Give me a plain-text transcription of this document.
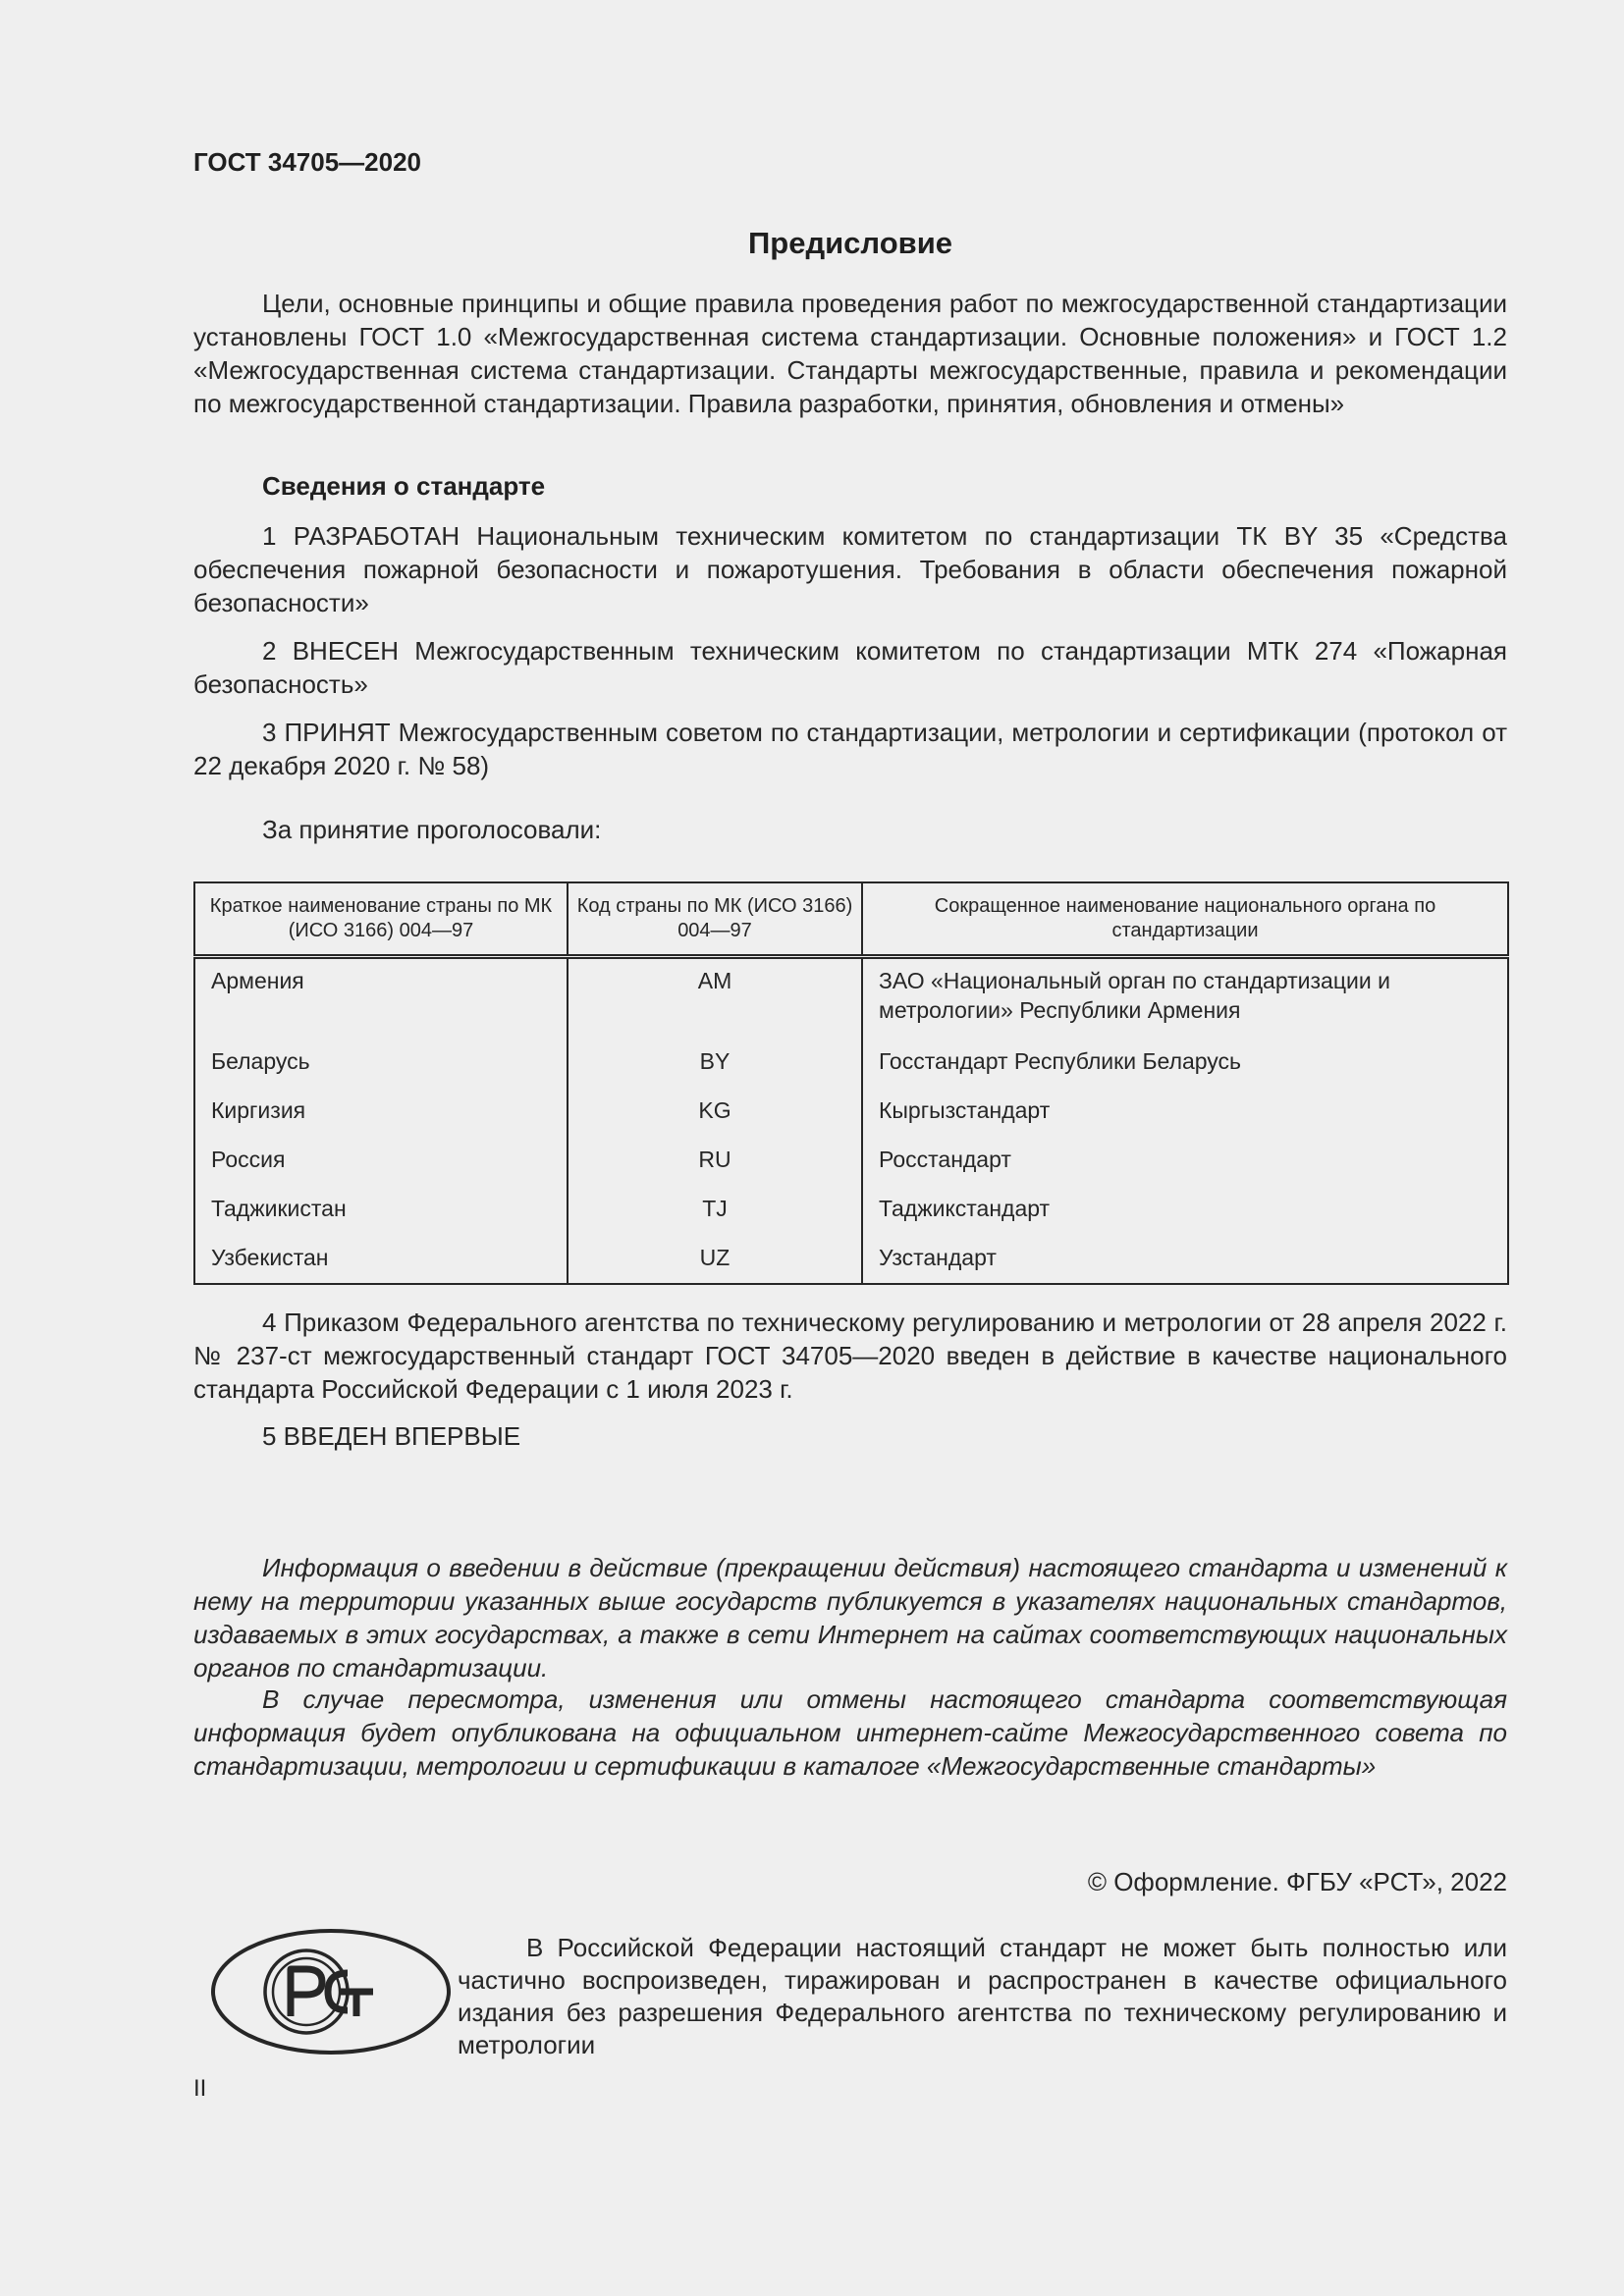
ГОСТ 34705—2020
Предисловие

Цели, основные принципы и общие правила проведения работ по межгосударственной стандартизации установлены ГОСТ 1.0 «Межгосударственная система стандартизации. Основные положения» и ГОСТ 1.2 «Межгосударственная система стандартизации. Стандарты межгосударственные, правила и рекомендации по межгосударственной стандартизации. Правила разработки, принятия, обновления и отмены»

Сведения о стандарте

1 РАЗРАБОТАН Национальным техническим комитетом по стандартизации ТК BY 35 «Средства обеспечения пожарной безопасности и пожаротушения. Требования в области обеспечения пожарной безопасности»

2 ВНЕСЕН Межгосударственным техническим комитетом по стандартизации МТК 274 «Пожарная безопасность»

3 ПРИНЯТ Межгосударственным советом по стандартизации, метрологии и сертификации (протокол от 22 декабря 2020 г. № 58)

За принятие проголосовали:
Краткое наименование страны по МК (ИСО 3166) 004—97	Код страны по МК (ИСО 3166) 004—97	Сокращенное наименование национального органа по стандартизации
Армения	AM	ЗАО «Национальный орган по стандартизации и метрологии» Республики Армения
Беларусь	BY	Госстандарт Республики Беларусь
Киргизия	KG	Кыргызстандарт
Россия	RU	Росстандарт
Таджикистан	TJ	Таджикстандарт
Узбекистан	UZ	Узстандарт

4 Приказом Федерального агентства по техническому регулированию и метрологии от 28 апреля 2022 г. № 237-ст межгосударственный стандарт ГОСТ 34705—2020 введен в действие в качестве национального стандарта Российской Федерации с 1 июля 2023 г.

5 ВВЕДЕН ВПЕРВЫЕ

Информация о введении в действие (прекращении действия) настоящего стандарта и изменений к нему на территории указанных выше государств публикуется в указателях национальных стандартов, издаваемых в этих государствах, а также в сети Интернет на сайтах соответствующих национальных органов по стандартизации.

В случае пересмотра, изменения или отмены настоящего стандарта соответствующая информация будет опубликована на официальном интернет-сайте Межгосударственного совета по стандартизации, метрологии и сертификации в каталоге «Межгосударственные стандарты»

© Оформление. ФГБУ «РСТ», 2022

В Российской Федерации настоящий стандарт не может быть полностью или частично воспроизведен, тиражирован и распространен в качестве официального издания без разрешения Федерального агентства по техническому регулированию и метрологии

II
